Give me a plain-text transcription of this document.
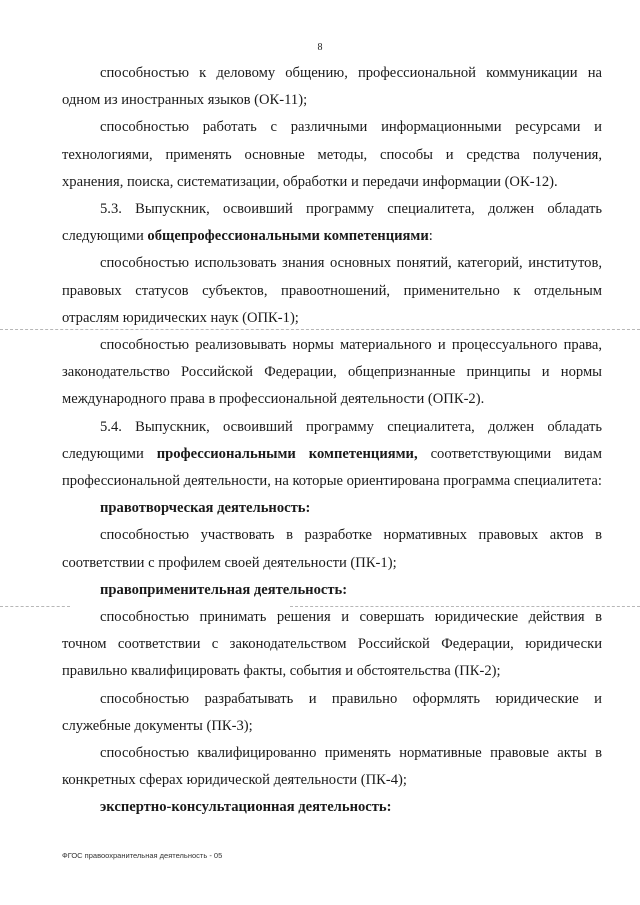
8

способностью к деловому общению, профессиональной коммуникации на одном из иностранных языков (ОК-11);

способностью работать с различными информационными ресурсами и технологиями, применять основные методы, способы и средства получения, хранения, поиска, систематизации, обработки и передачи информации (ОК-12).

5.3. Выпускник, освоивший программу специалитета, должен обладать следующими общепрофессиональными компетенциями:

способностью использовать знания основных понятий, категорий, институтов, правовых статусов субъектов, правоотношений, применительно к отдельным отраслям юридических наук (ОПК-1);

способностью реализовывать нормы материального и процессуального права, законодательство Российской Федерации, общепризнанные принципы и нормы международного права в профессиональной деятельности (ОПК-2).

5.4. Выпускник, освоивший программу специалитета, должен обладать следующими профессиональными компетенциями, соответствующими видам профессиональной деятельности, на которые ориентирована программа специалитета:

правотворческая деятельность:

способностью участвовать в разработке нормативных правовых актов в соответствии с профилем своей деятельности (ПК-1);

правоприменительная деятельность:

способностью принимать решения и совершать юридические действия в точном соответствии с законодательством Российской Федерации, юридически правильно квалифицировать факты, события и обстоятельства (ПК-2);

способностью разрабатывать и правильно оформлять юридические и служебные документы (ПК-3);

способностью квалифицированно применять нормативные правовые акты в конкретных сферах юридической деятельности (ПК-4);

экспертно-консультационная деятельность:

ФГОС правоохранительная деятельность - 05
